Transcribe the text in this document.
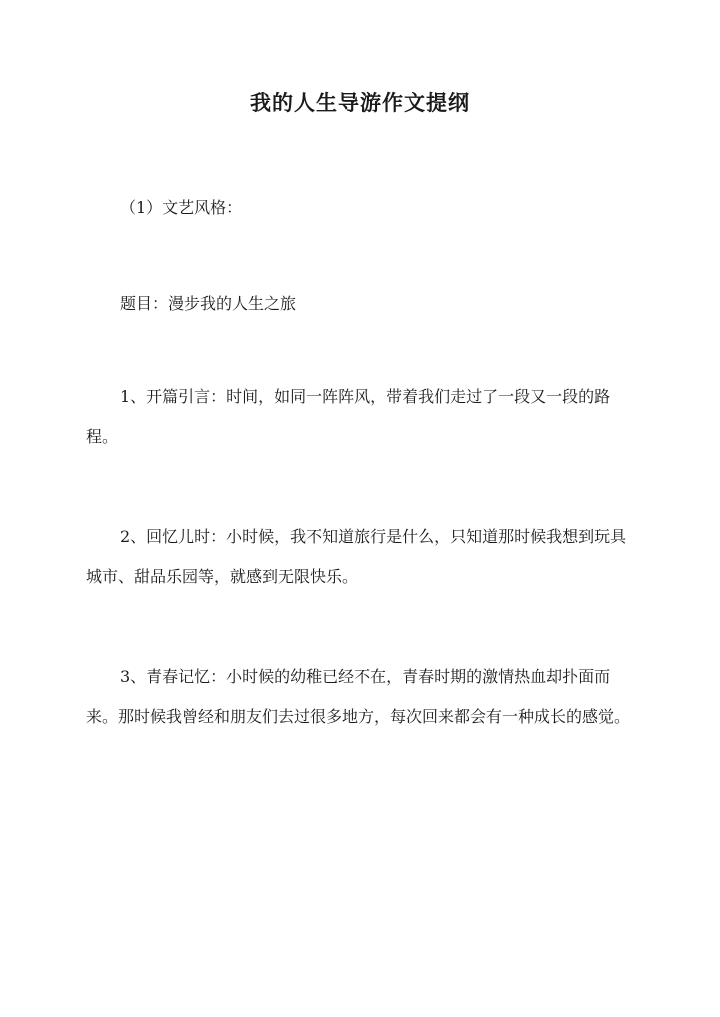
我的人生导游作文提纲

（1）文艺风格：

题目：漫步我的人生之旅

1、开篇引言：时间，如同一阵阵风，带着我们走过了一段又一段的路程。

2、回忆儿时：小时候，我不知道旅行是什么，只知道那时候我想到玩具城市、甜品乐园等，就感到无限快乐。

3、青春记忆：小时候的幼稚已经不在，青春时期的激情热血却扑面而来。那时候我曾经和朋友们去过很多地方，每次回来都会有一种成长的感觉。
